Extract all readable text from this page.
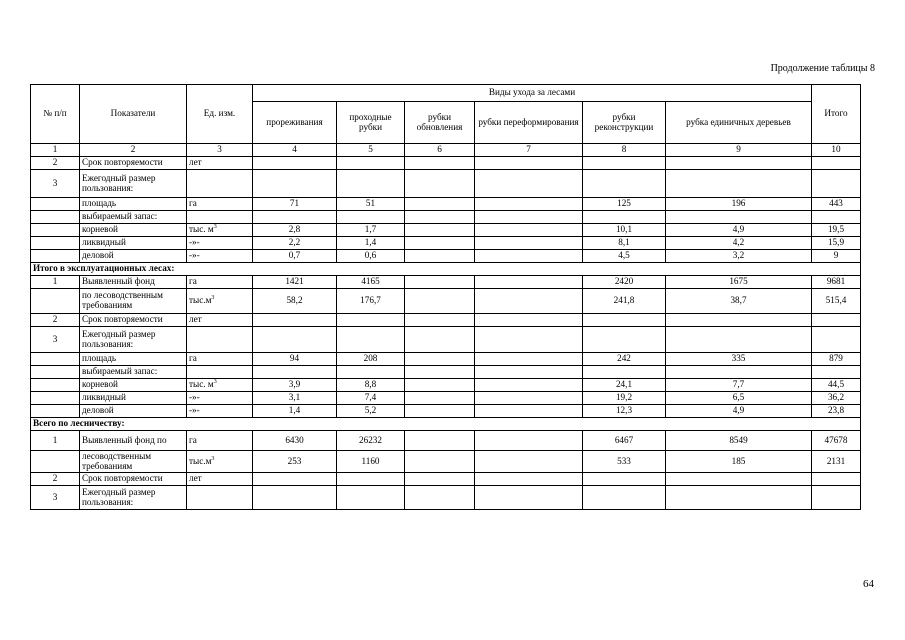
Продолжение таблицы 8
№ п/п	Показатели	Ед. изм.	Виды ухода за лесами						Итого
			прореживания	проходные рубки	рубки обновления	рубки переформирования	рубки реконструкции	рубка единичных деревьев	
1	2	3	4	5	6	7	8	9	10
2	Срок повторяемости	лет							
3	Ежегодный размер пользования:								
	площадь	га	71	51			125	196	443
	выбираемый запас:								
	корневой	тыс. $м^3$	2,8	1,7			10,1	4,9	19,5
	ликвидный	-»-	2,2	1,4			8,1	4,2	15,9
	деловой	-»-	0,7	0,6			4,5	3,2	9
Итого в эксплуатационных лесах:									
1	Выявленный фонд	га	1421	4165			2420	1675	9681
	по лесоводственным требованиям	$тыс.м^3$	58,2	176,7			241,8	38,7	515,4
2	Срок повторяемости	лет							
3	Ежегодный размер пользования:								
	площадь	га	94	208			242	335	879
	выбираемый запас:								
	корневой	тыс. $м^3$	3,9	8,8			24,1	7,7	44,5
	ликвидный	-»-	3,1	7,4			19,2	6,5	36,2
	деловой	-»-	1,4	5,2			12,3	4,9	23,8
Всего по лесничеству:									
1	Выявленный фонд по	га	6430	26232			6467	8549	47678
	лесоводственным требованиям	$тыс.м^3$	253	1160			533	185	2131
2	Срок повторяемости	лет							
3	Ежегодный размер пользования:								
64
